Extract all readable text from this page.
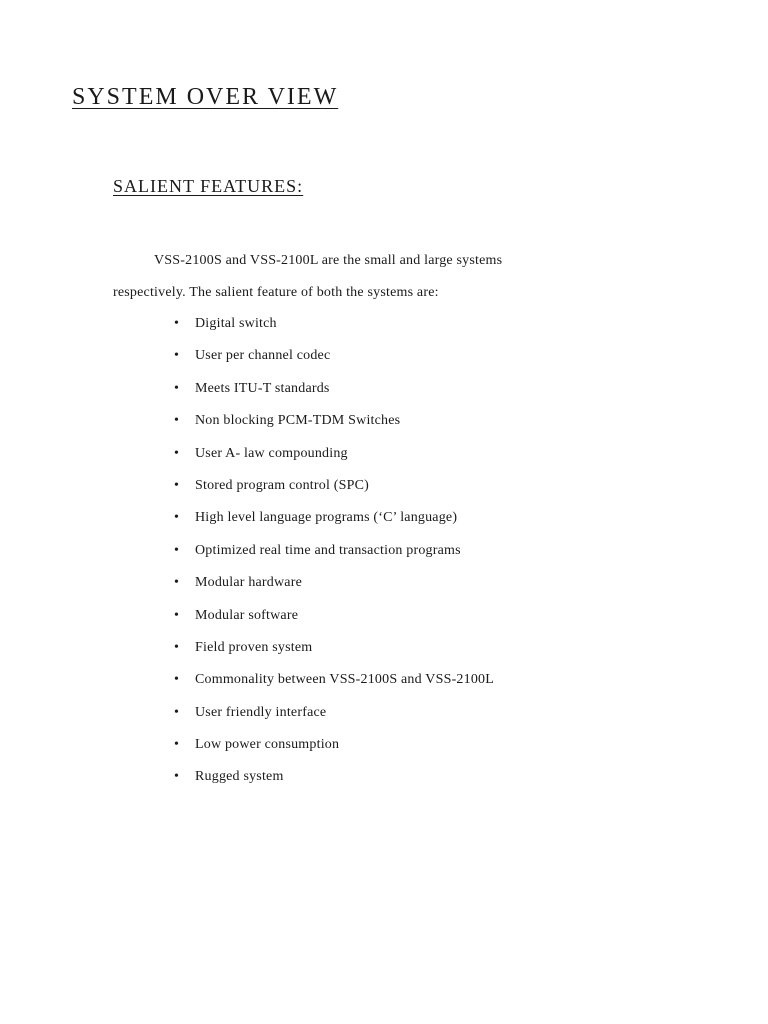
SYSTEM OVER VIEW
SALIENT FEATURES:

VSS-2100S and VSS-2100L are the small and large systems

respectively. The salient feature of both the systems are:

• Digital switch
• User per channel codec
• Meets ITU-T standards
• Non blocking PCM-TDM Switches
• User A- law compounding
• Stored program control (SPC)
• High level language programs (‘C’ language)
• Optimized real time and transaction programs
• Modular hardware
• Modular software
• Field proven system
• Commonality between VSS-2100S and VSS-2100L
• User friendly interface
• Low power consumption
• Rugged system
